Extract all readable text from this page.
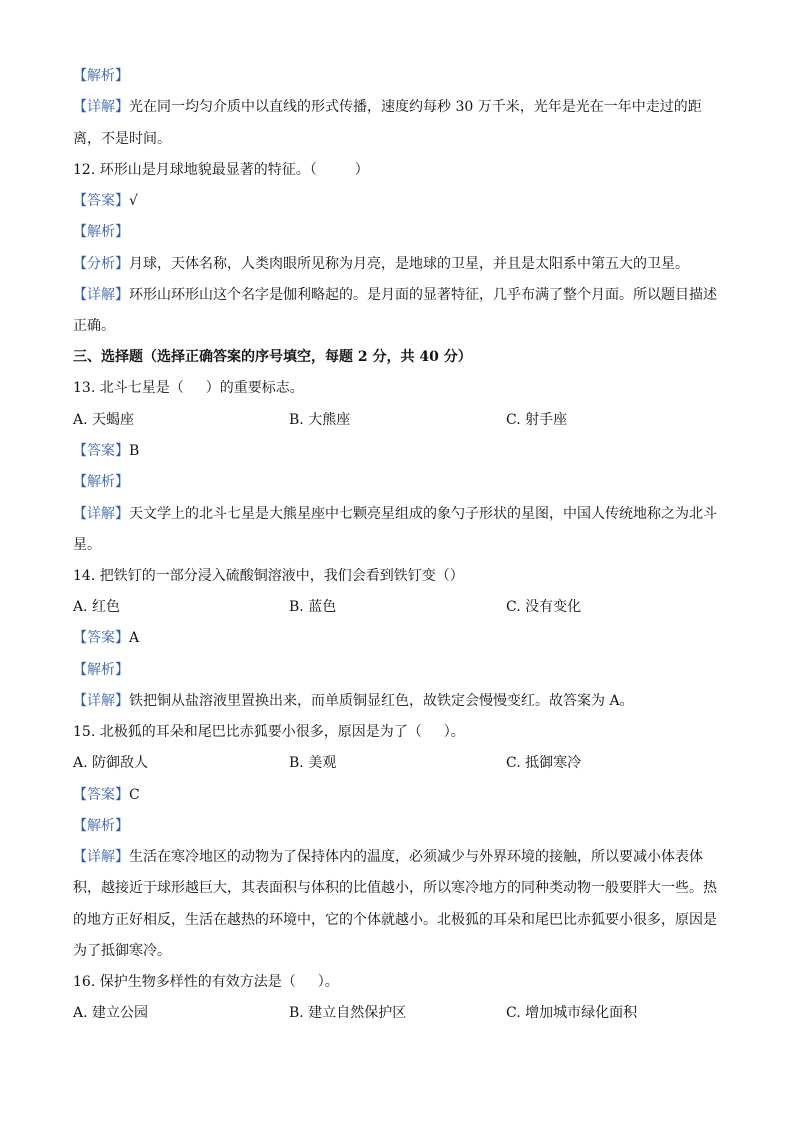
【解析】
【详解】光在同一均匀介质中以直线的形式传播，速度约每秒 30 万千米，光年是光在一年中走过的距
离，不是时间。
12. 环形山是月球地貌最显著的特征。（	）
【答案】√
【解析】
【分析】月球，天体名称，人类肉眼所见称为月亮，是地球的卫星，并且是太阳系中第五大的卫星。
【详解】环形山环形山这个名字是伽利略起的。是月面的显著特征，几乎布满了整个月面。所以题目描述
正确。
三、选择题（选择正确答案的序号填空，每题 2 分，共 40 分）
13. 北斗七星是（ ）的重要标志。
A. 天蝎座	B. 大熊座	C. 射手座
【答案】B
【解析】
【详解】天文学上的北斗七星是大熊星座中七颗亮星组成的象勺子形状的星图，中国人传统地称之为北斗
星。
14. 把铁钉的一部分浸入硫酸铜溶液中，我们会看到铁钉变（）
A. 红色	B. 蓝色	C. 没有变化
【答案】A
【解析】
【详解】铁把铜从盐溶液里置换出来，而单质铜显红色，故铁定会慢慢变红。故答案为 A。
15. 北极狐的耳朵和尾巴比赤狐要小很多，原因是为了（ ）。
A. 防御敌人	B. 美观	C. 抵御寒冷
【答案】C
【解析】
【详解】生活在寒冷地区的动物为了保持体内的温度，必须减少与外界环境的接触，所以要减小体表体
积，越接近于球形越巨大，其表面积与体积的比值越小，所以寒冷地方的同种类动物一般要胖大一些。热
的地方正好相反，生活在越热的环境中，它的个体就越小。北极狐的耳朵和尾巴比赤狐要小很多，原因是
为了抵御寒冷。
16. 保护生物多样性的有效方法是（ ）。
A. 建立公园	B. 建立自然保护区	C. 增加城市绿化面积
